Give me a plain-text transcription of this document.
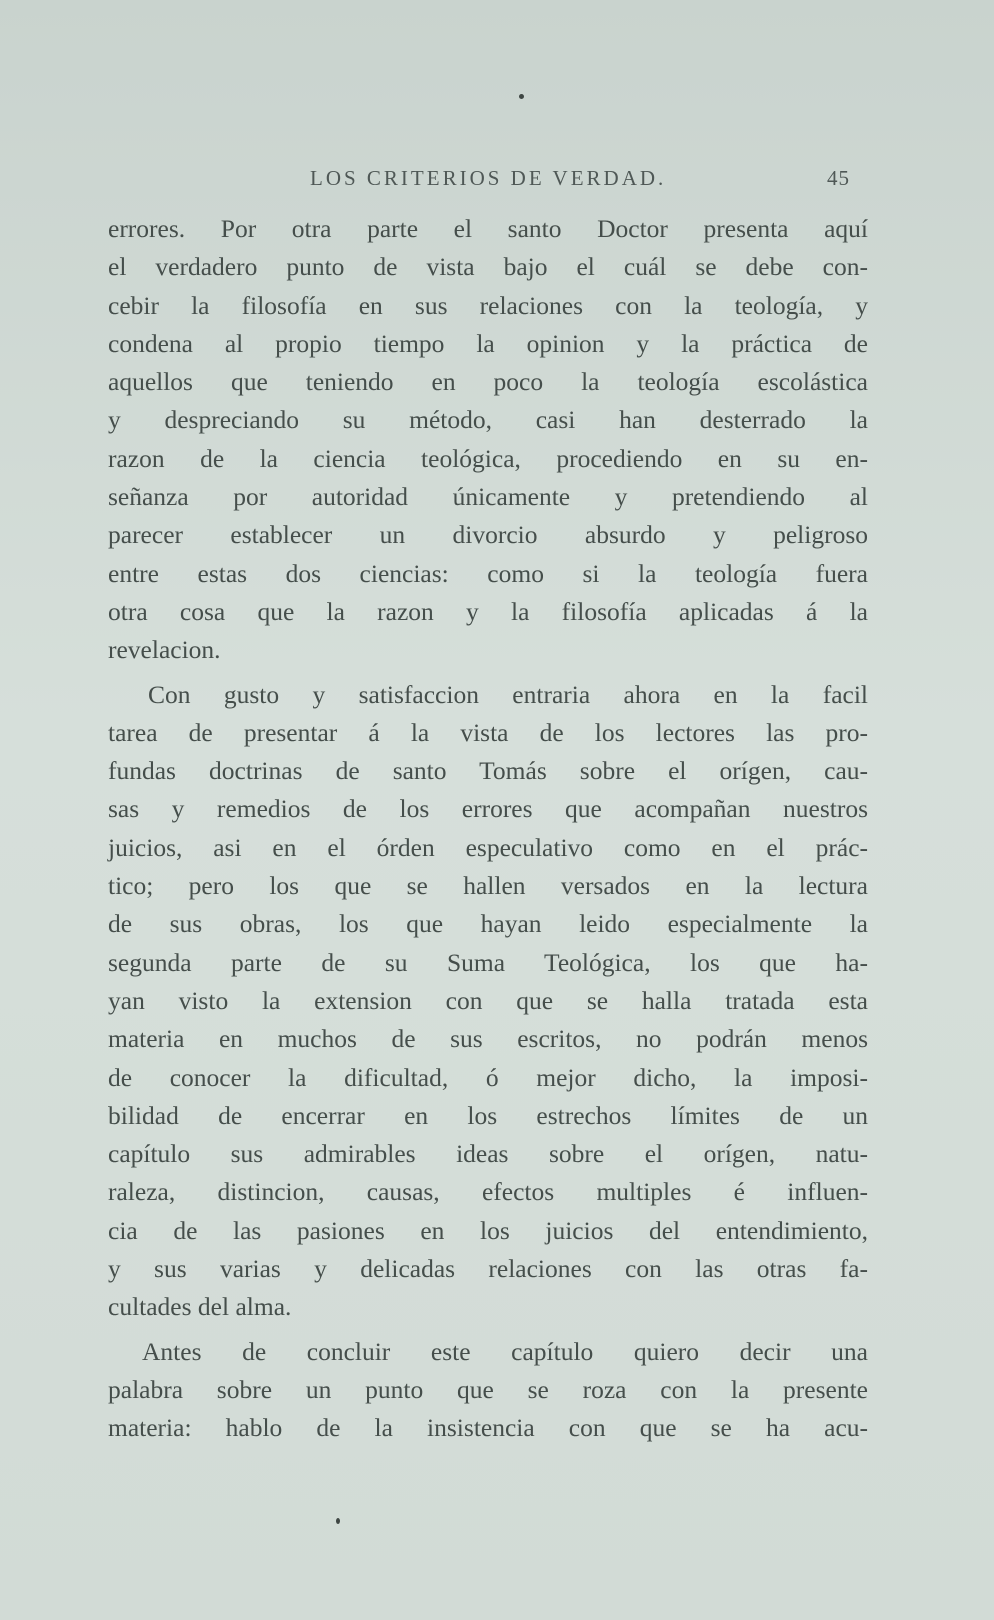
LOS CRITERIOS DE VERDAD.	45
errores. Por otra parte el santo Doctor presenta aquí
el verdadero punto de vista bajo el cuál se debe con-
cebir la filosofía en sus relaciones con la teología, y
condena al propio tiempo la opinion y la práctica de
aquellos que teniendo en poco la teología escolástica
y despreciando su método, casi han desterrado la
razon de la ciencia teológica, procediendo en su en-
señanza por autoridad únicamente y pretendiendo al
parecer establecer un divorcio absurdo y peligroso
entre estas dos ciencias: como si la teología fuera
otra cosa que la razon y la filosofía aplicadas á la
revelacion.
Con gusto y satisfaccion entraria ahora en la facil
tarea de presentar á la vista de los lectores las pro-
fundas doctrinas de santo Tomás sobre el orígen, cau-
sas y remedios de los errores que acompañan nuestros
juicios, asi en el órden especulativo como en el prác-
tico; pero los que se hallen versados en la lectura
de sus obras, los que hayan leido especialmente la
segunda parte de su Suma Teológica, los que ha-
yan visto la extension con que se halla tratada esta
materia en muchos de sus escritos, no podrán menos
de conocer la dificultad, ó mejor dicho, la imposi-
bilidad de encerrar en los estrechos límites de un
capítulo sus admirables ideas sobre el orígen, natu-
raleza, distincion, causas, efectos multiples é influen-
cia de las pasiones en los juicios del entendimiento,
y sus varias y delicadas relaciones con las otras fa-
cultades del alma.
Antes de concluir este capítulo quiero decir una
palabra sobre un punto que se roza con la presente
materia: hablo de la insistencia con que se ha acu-
